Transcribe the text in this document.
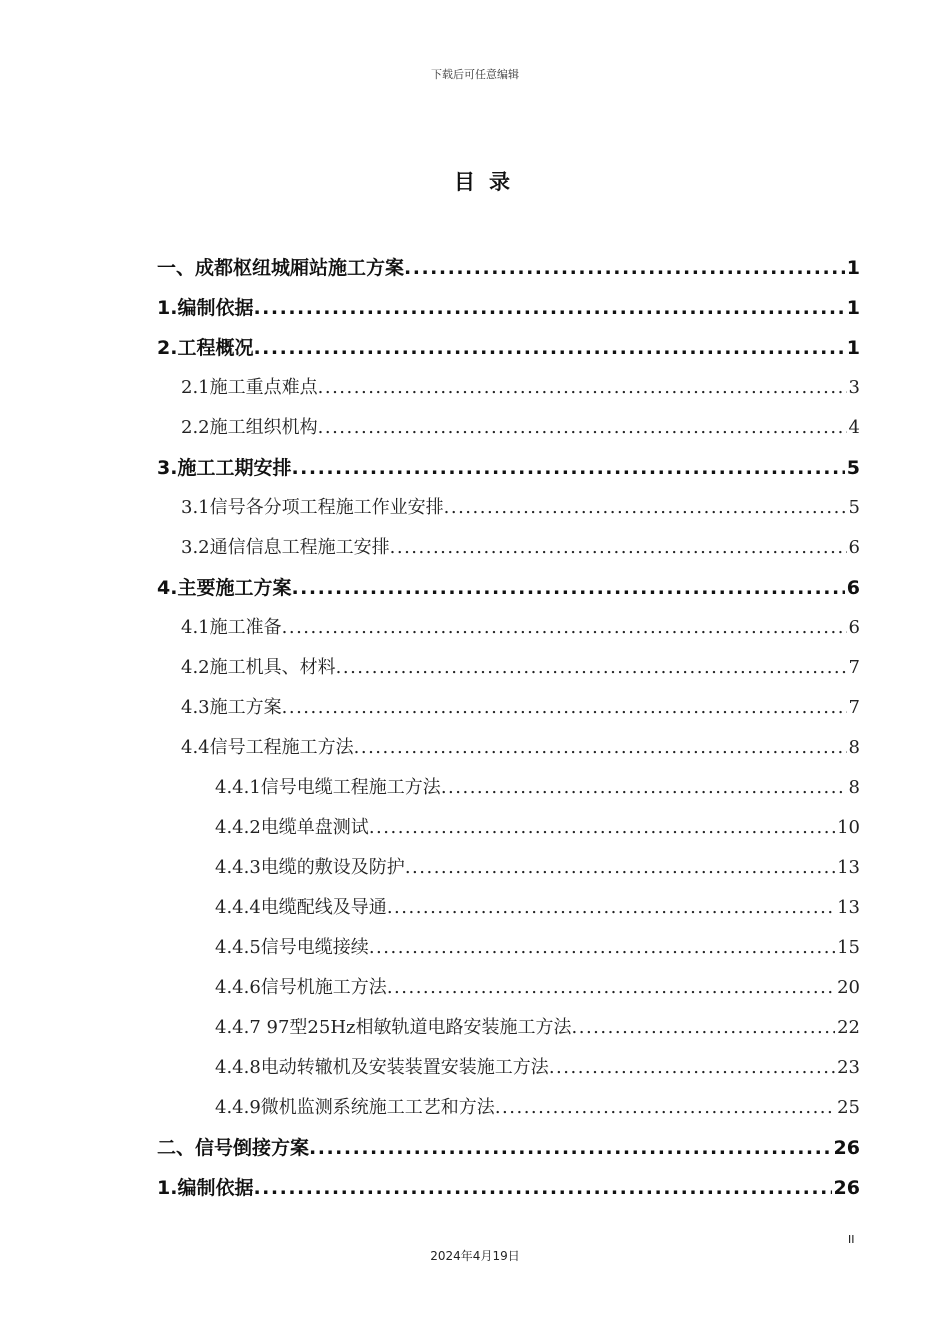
下载后可任意编辑
目录
一、成都枢纽城厢站施工方案 .....	1
1.编制依据 .....	1
2.工程概况 .....	1
2.1施工重点难点 .....	3
2.2施工组织机构 .....	4
3.施工工期安排 .....	5
3.1信号各分项工程施工作业安排 .....	5
3.2通信信息工程施工安排 .....	6
4.主要施工方案 .....	6
4.1施工准备 .....	6
4.2施工机具、材料 .....	7
4.3施工方案 .....	7
4.4信号工程施工方法 .....	8
4.4.1信号电缆工程施工方法 .....	8
4.4.2电缆单盘测试 .....	10
4.4.3电缆的敷设及防护 .....	13
4.4.4电缆配线及导通 .....	13
4.4.5信号电缆接续 .....	15
4.4.6信号机施工方法 .....	20
4.4.7 97型25Hz相敏轨道电路安装施工方法 .....	22
4.4.8电动转辙机及安装装置安装施工方法 .....	23
4.4.9微机监测系统施工工艺和方法 .....	25
二、信号倒接方案 .....	26
1.编制依据 .....	26
II
2024年4月19日
